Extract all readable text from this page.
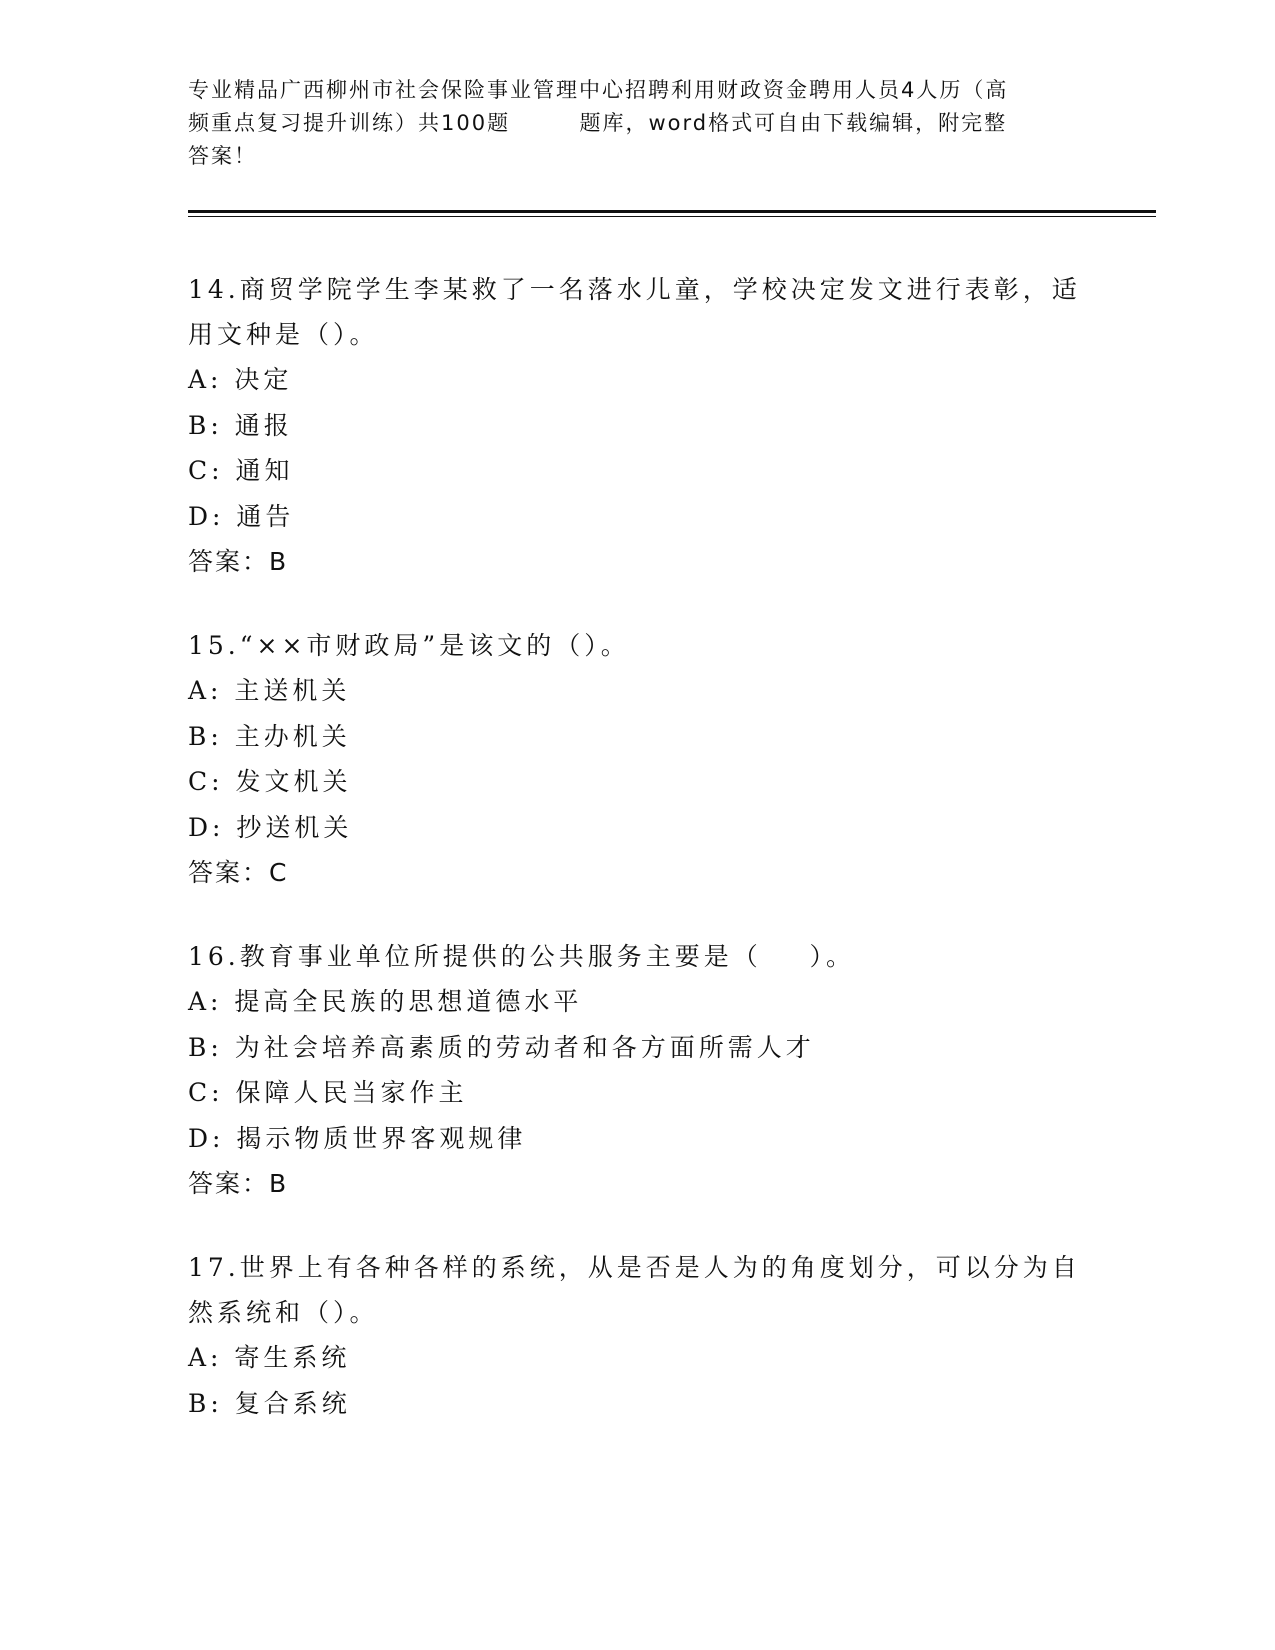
专业精品广西柳州市社会保险事业管理中心招聘利用财政资金聘用人员4人历（高
频重点复习提升训练）共100题        题库，word格式可自由下载编辑，附完整
答案！
14.商贸学院学生李某救了一名落水儿童，学校决定发文进行表彰，适
用文种是（）。
A: 决定
B: 通报
C: 通知
D: 通告
答案：B
15.“××市财政局”是该文的（）。
A: 主送机关
B: 主办机关
C: 发文机关
D: 抄送机关
答案：C
16.教育事业单位所提供的公共服务主要是（    ）。
A: 提高全民族的思想道德水平
B: 为社会培养高素质的劳动者和各方面所需人才
C: 保障人民当家作主
D: 揭示物质世界客观规律
答案：B
17.世界上有各种各样的系统，从是否是人为的角度划分，可以分为自
然系统和（）。
A: 寄生系统
B: 复合系统
